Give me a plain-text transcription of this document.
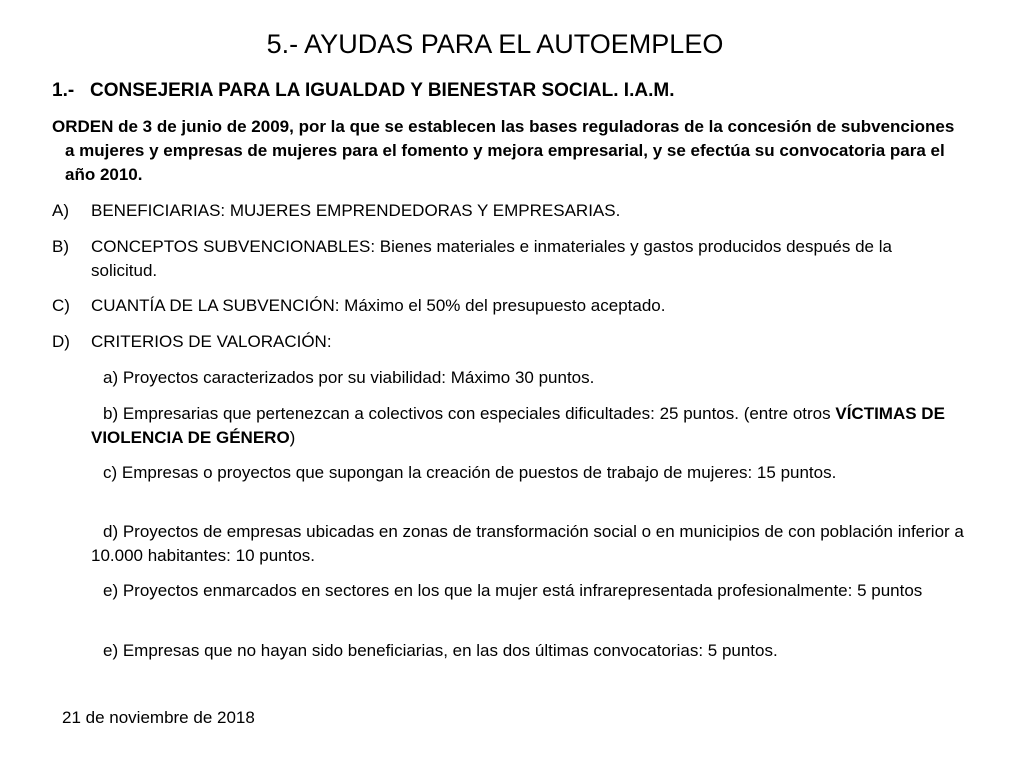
5.- AYUDAS PARA EL AUTOEMPLEO
1.- CONSEJERIA PARA LA IGUALDAD Y BIENESTAR SOCIAL. I.A.M.
ORDEN de 3 de junio de 2009, por la que se establecen las bases reguladoras de la concesión de subvenciones a mujeres y empresas de mujeres para el fomento y mejora empresarial, y se efectúa su convocatoria para el año 2010.
A) BENEFICIARIAS: MUJERES EMPRENDEDORAS Y EMPRESARIAS.
B) CONCEPTOS SUBVENCIONABLES: Bienes materiales e inmateriales y gastos producidos después de la solicitud.
C) CUANTÍA DE LA SUBVENCIÓN: Máximo el 50% del presupuesto aceptado.
D) CRITERIOS DE VALORACIÓN:
a) Proyectos caracterizados por su viabilidad: Máximo 30 puntos.
b) Empresarias que pertenezcan a colectivos con especiales dificultades: 25 puntos. (entre otros VÍCTIMAS DE VIOLENCIA DE GÉNERO)
c) Empresas o proyectos que supongan la creación de puestos de trabajo de mujeres: 15 puntos.
d) Proyectos de empresas ubicadas en zonas de transformación social o en municipios de con población inferior a 10.000 habitantes: 10 puntos.
e) Proyectos enmarcados en sectores en los que la mujer está infrarepresentada profesionalmente: 5 puntos
e) Empresas que no hayan sido beneficiarias, en las dos últimas convocatorias: 5 puntos.
21 de noviembre de 2018
